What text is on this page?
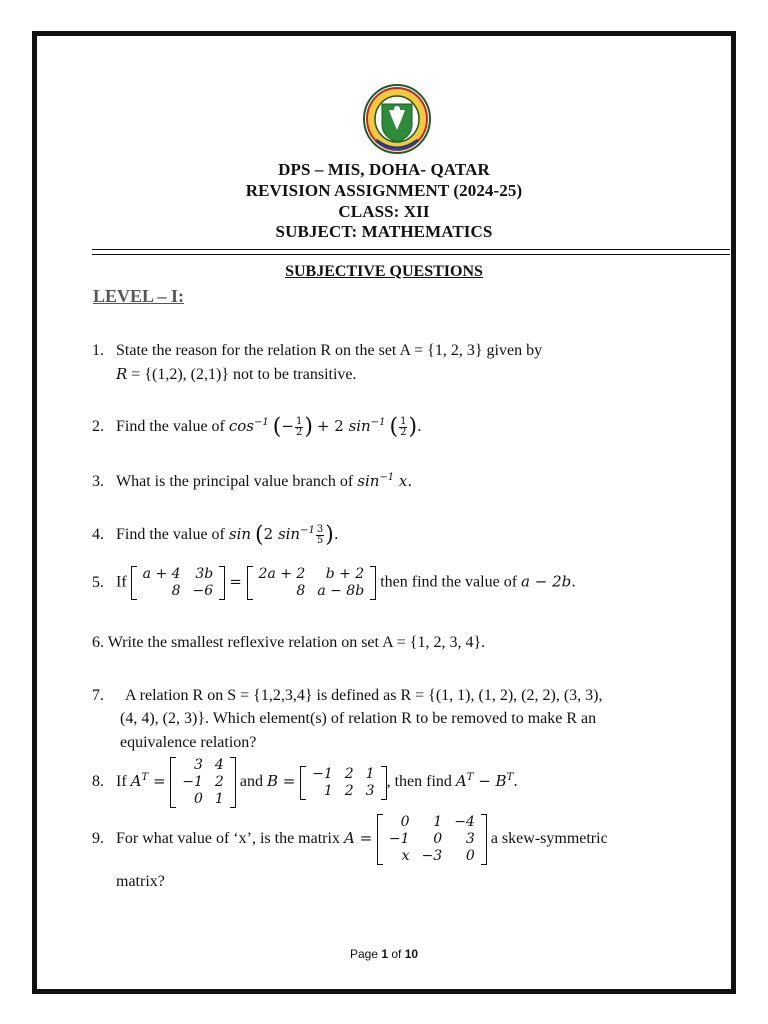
DPS – MIS, DOHA- QATAR
REVISION ASSIGNMENT (2024-25)
CLASS: XII
SUBJECT: MATHEMATICS
SUBJECTIVE QUESTIONS
LEVEL – I:
1. State the reason for the relation R on the set A = {1, 2, 3} given by
R = {(1,2), (2,1)} not to be transitive.
2. Find the value of $\cos^{-1}$ (− $\frac{1}{2}$ ) + 2 $\sin^{-1}$ ( $\frac{1}{2}$ ).
3. What is the principal value branch of $\sin^{-1} x$.
4. Find the value of sin (2 $\sin^{-1} \frac{3}{5}$ ).
5. If a + 4	3b
8	−6
= 2a + 2	b + 2
8	a − 8b
then find the value of a − 2b.
6. Write the smallest reflexive relation on set A = {1, 2, 3, 4}.
7. A relation R on S = {1,2,3,4} is defined as R = {(1, 1), (1, 2), (2, 2), (3, 3),
(4, 4), (2, 3)}. Which element(s) of relation R to be removed to make R an
equivalence relation?
8. If $A^T$ =
3	4
−1	2
0	1
and B = −1	2	1
1	2	3
, then find $A^T - B^T$.
9. For what value of ‘x’, is the matrix A =
0	1	−4
−1	0	3
x	−3	0
a skew-symmetric
matrix?
Page 1 of 10
